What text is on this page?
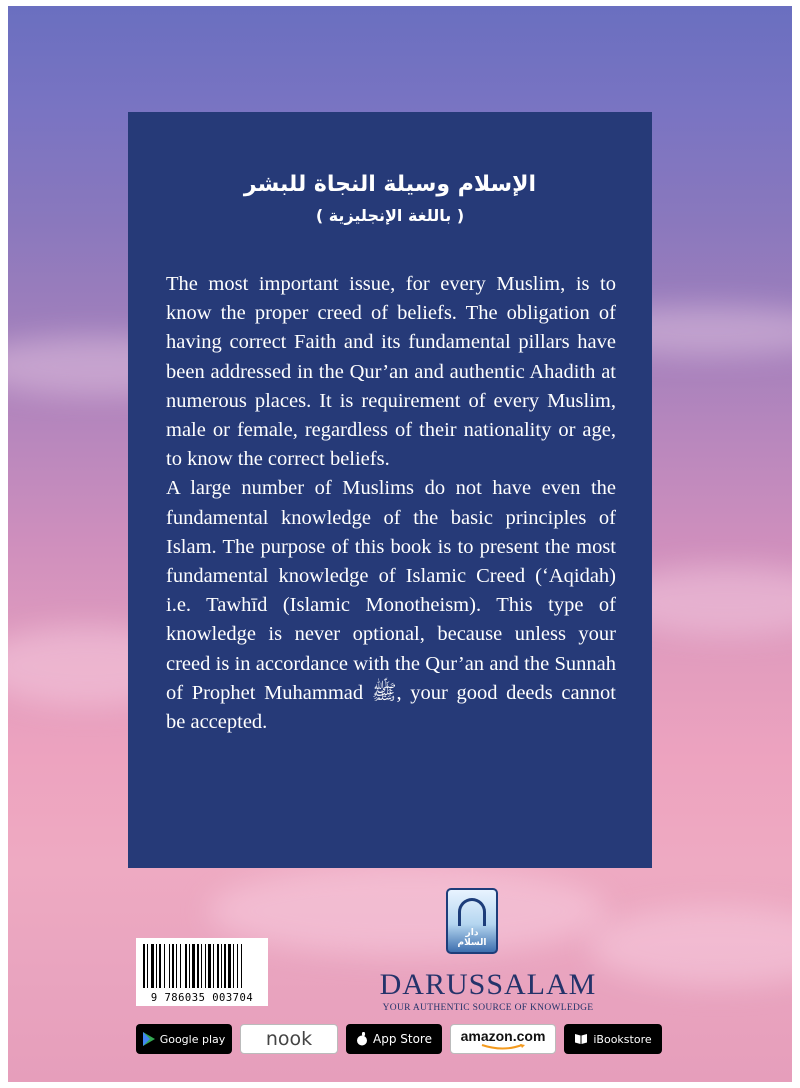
الإسلام وسيلة النجاة للبشر
( باللغة الإنجليزية )

The most important issue, for every Muslim, is to know the proper creed of beliefs. The obligation of having correct Faith and its fundamental pillars have been addressed in the Qur’an and authentic Ahadith at numerous places. It is requirement of every Muslim, male or female, regardless of their nationality or age, to know the correct beliefs.

A large number of Muslims do not have even the fundamental knowledge of the basic principles of Islam. The purpose of this book is to present the most fundamental knowledge of Islamic Creed (‘Aqidah) i.e. Tawhīd (Islamic Monotheism). This type of knowledge is never optional, because unless your creed is in accordance with the Qur’an and the Sunnah of Prophet Muhammad ﷺ, your good deeds cannot be accepted.

9 786035 003704
دار السلام
DARUSSALAM
YOUR AUTHENTIC SOURCE OF KNOWLEDGE
Google play nook	App Store amazon.com	iBookstore
